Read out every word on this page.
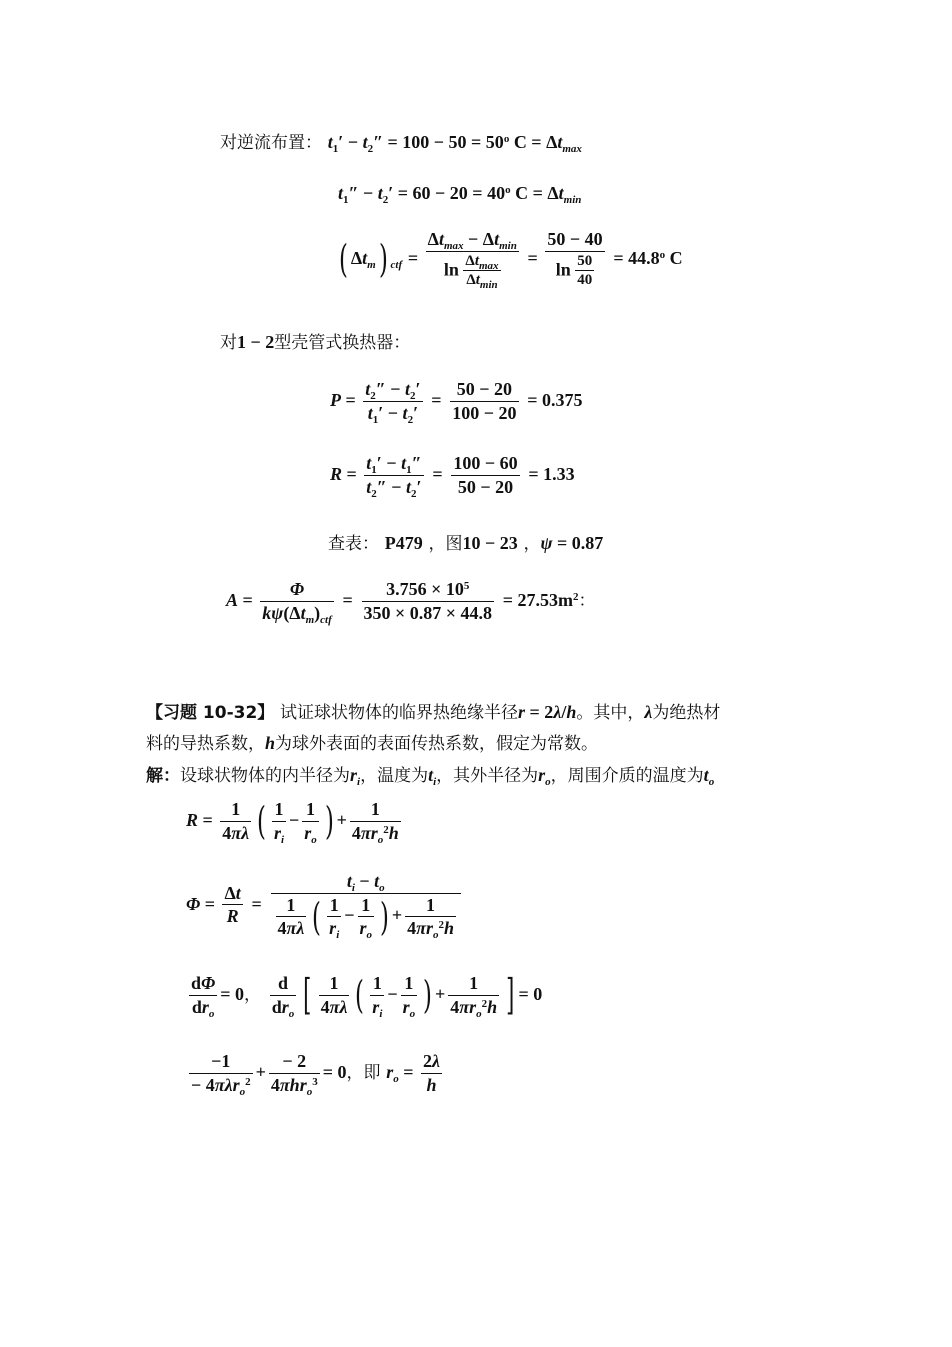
对逆流布置： $t_1' - t_2'' = 100 - 50 = 50^o$ $C = \Delta t_{max}$
$t_1'' - t_2' = 60 - 20 = 40^o$ $C = \Delta t_{min}$
( $\Delta t_m$) $_{ctf} = \frac{\Delta t_{max} - \Delta t_{min}}{\ln \frac{\Delta t_{max}}{\Delta t_{min}}} = \frac{50 - 40}{\ln \frac{50}{40}} = 44.8^o$ C
对1 − 2型壳管式换热器：
$P = \frac{t_2'' - t_2'}{t_1' - t_2'} = \frac{50 - 20}{100 - 20} = 0.375$
$R = \frac{t_1' - t_1''}{t_2'' - t_2'} = \frac{100 - 60}{50 - 20} = 1.33$
查表： P479 ，图10 − 23 ，ψ = 0.87
$A = \frac{\Phi}{k\psi(\Delta t_m)_{ctf}} = \frac{3.756 \times 10^5}{350 \times 0.87 \times 44.8} = 27.53m^2$：
【习题 10-32】 试证球状物体的临界热绝缘半径r = 2λ/h。其中，λ为绝热材
料的导热系数，h为球外表面的表面传热系数，假定为常数。
解：设球状物体的内半径为$r_i$，温度为$t_i$，其外半径为$r_o$，周围介质的温度为$t_o$
$R = \frac{1}{4\pi\lambda}$ ( $\frac{1}{r_i} - \frac{1}{r_o}$ ) + $\frac{1}{4\pi r_o^2h}$
$\Phi = \frac{\Delta t}{R} = \frac{t_i - t_o}{\frac{1}{4\pi\lambda} ( \frac{1}{r_i} - \frac{1}{r_o} ) + \frac{1}{4\pi r_o^2h}}$
$\frac{d\Phi}{dr_o} = 0$， $\frac{d}{dr_o}$ [ $\frac{1}{4\pi\lambda}$ ( $\frac{1}{r_i} - \frac{1}{r_o}$ ) + $\frac{1}{4\pi r_o^2h}$ ] = 0
$\frac{-1}{- 4\pi\lambda r_o^2} + \frac{- 2}{4\pi hr_o^3} = 0$，即 $r_o = \frac{2\lambda}{h}$
